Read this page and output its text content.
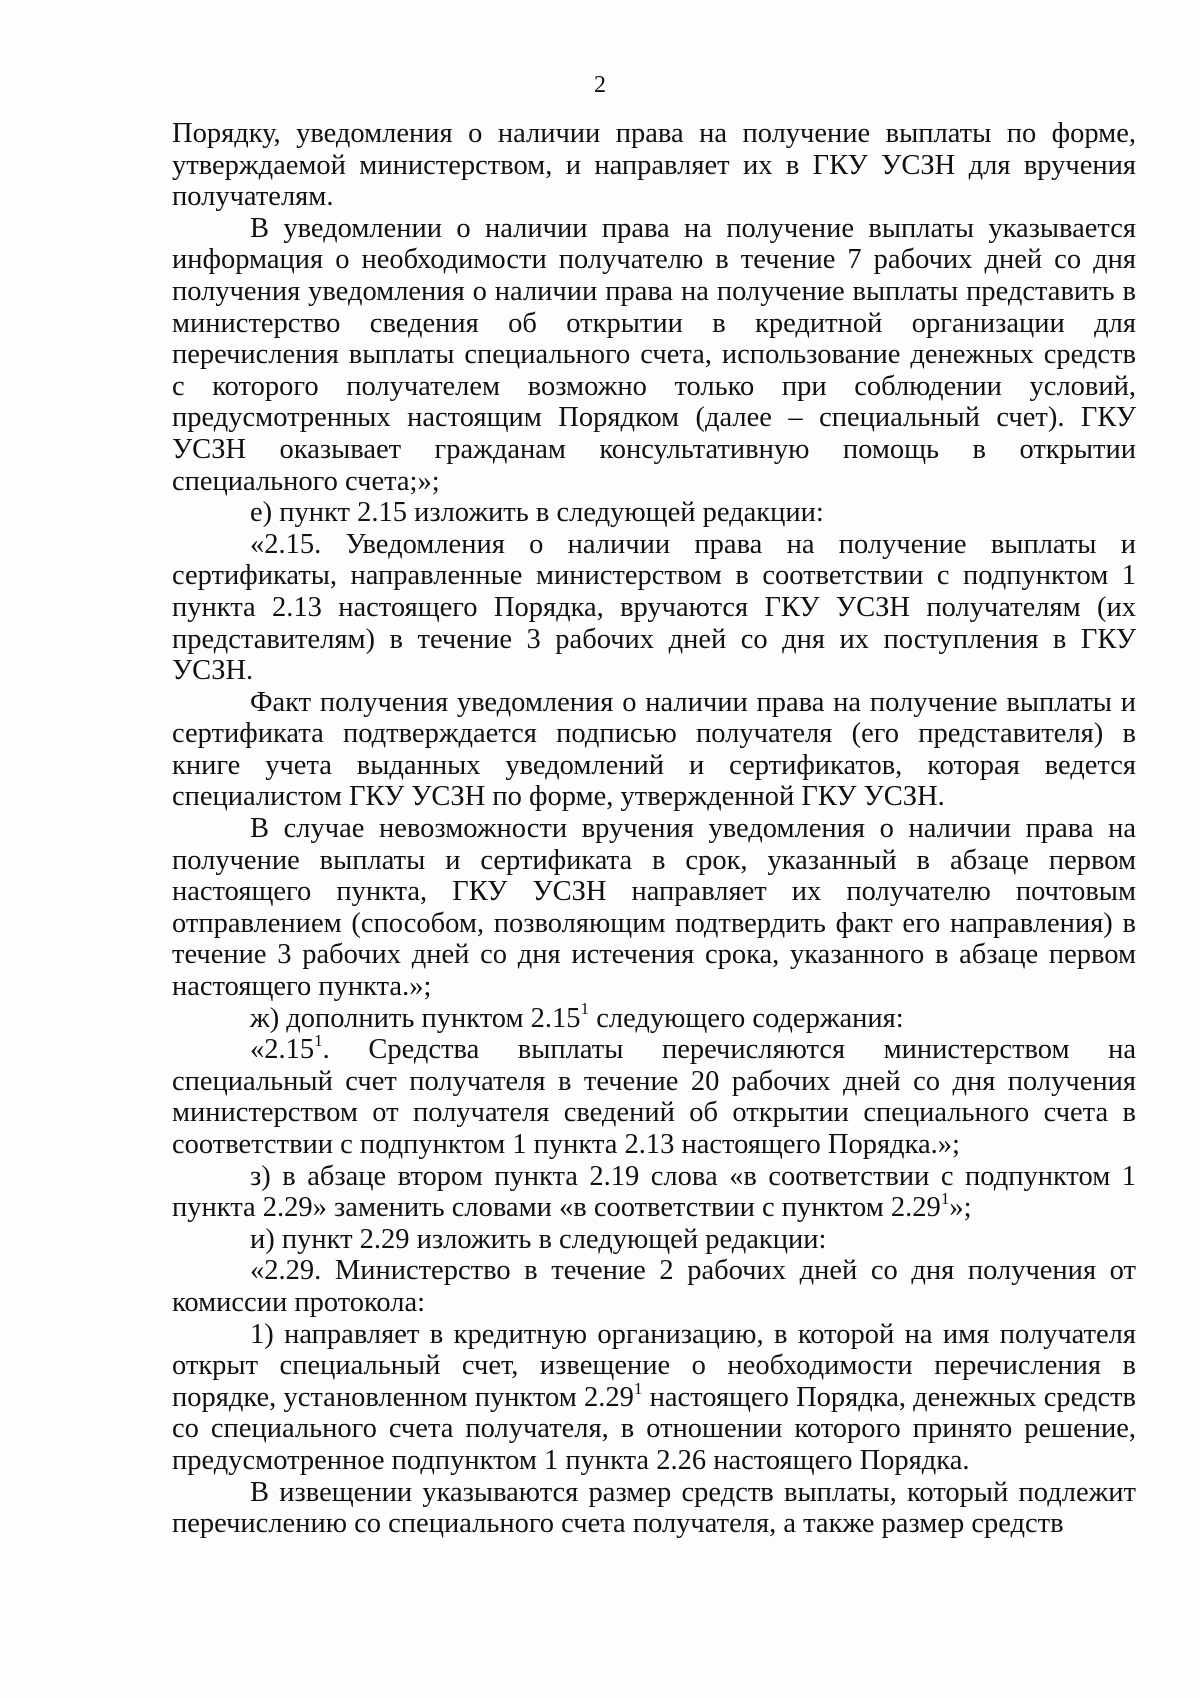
2

Порядку, уведомления о наличии права на получение выплаты по форме, утверждаемой министерством, и направляет их в ГКУ УСЗН для вручения получателям.

В уведомлении о наличии права на получение выплаты указывается информация о необходимости получателю в течение 7 рабочих дней со дня получения уведомления о наличии права на получение выплаты представить в министерство сведения об открытии в кредитной организации для перечисления выплаты специального счета, использование денежных средств с которого получателем возможно только при соблюдении условий, предусмотренных настоящим Порядком (далее – специальный счет). ГКУ УСЗН оказывает гражданам консультативную помощь в открытии специального счета;»;

е) пункт 2.15 изложить в следующей редакции:

«2.15. Уведомления о наличии права на получение выплаты и сертификаты, направленные министерством в соответствии с подпунктом 1 пункта 2.13 настоящего Порядка, вручаются ГКУ УСЗН получателям (их представителям) в течение 3 рабочих дней со дня их поступления в ГКУ УСЗН.

Факт получения уведомления о наличии права на получение выплаты и сертификата подтверждается подписью получателя (его представителя) в книге учета выданных уведомлений и сертификатов, которая ведется специалистом ГКУ УСЗН по форме, утвержденной ГКУ УСЗН.

В случае невозможности вручения уведомления о наличии права на получение выплаты и сертификата в срок, указанный в абзаце первом настоящего пункта, ГКУ УСЗН направляет их получателю почтовым отправлением (способом, позволяющим подтвердить факт его направления) в течение 3 рабочих дней со дня истечения срока, указанного в абзаце первом настоящего пункта.»;

ж) дополнить пунктом 2.15$^1$ следующего содержания:

«2.15$^1$. Средства выплаты перечисляются министерством на специальный счет получателя в течение 20 рабочих дней со дня получения министерством от получателя сведений об открытии специального счета в соответствии с подпунктом 1 пункта 2.13 настоящего Порядка.»;

з) в абзаце втором пункта 2.19 слова «в соответствии с подпунктом 1 пункта 2.29» заменить словами «в соответствии с пунктом 2.29$^1$»;

и) пункт 2.29 изложить в следующей редакции:

«2.29. Министерство в течение 2 рабочих дней со дня получения от комиссии протокола:

1) направляет в кредитную организацию, в которой на имя получателя открыт специальный счет, извещение о необходимости перечисления в порядке, установленном пунктом 2.29$^1$ настоящего Порядка, денежных средств со специального счета получателя, в отношении которого принято решение, предусмотренное подпунктом 1 пункта 2.26 настоящего Порядка.

В извещении указываются размер средств выплаты, который подлежит перечислению со специального счета получателя, а также размер средств
